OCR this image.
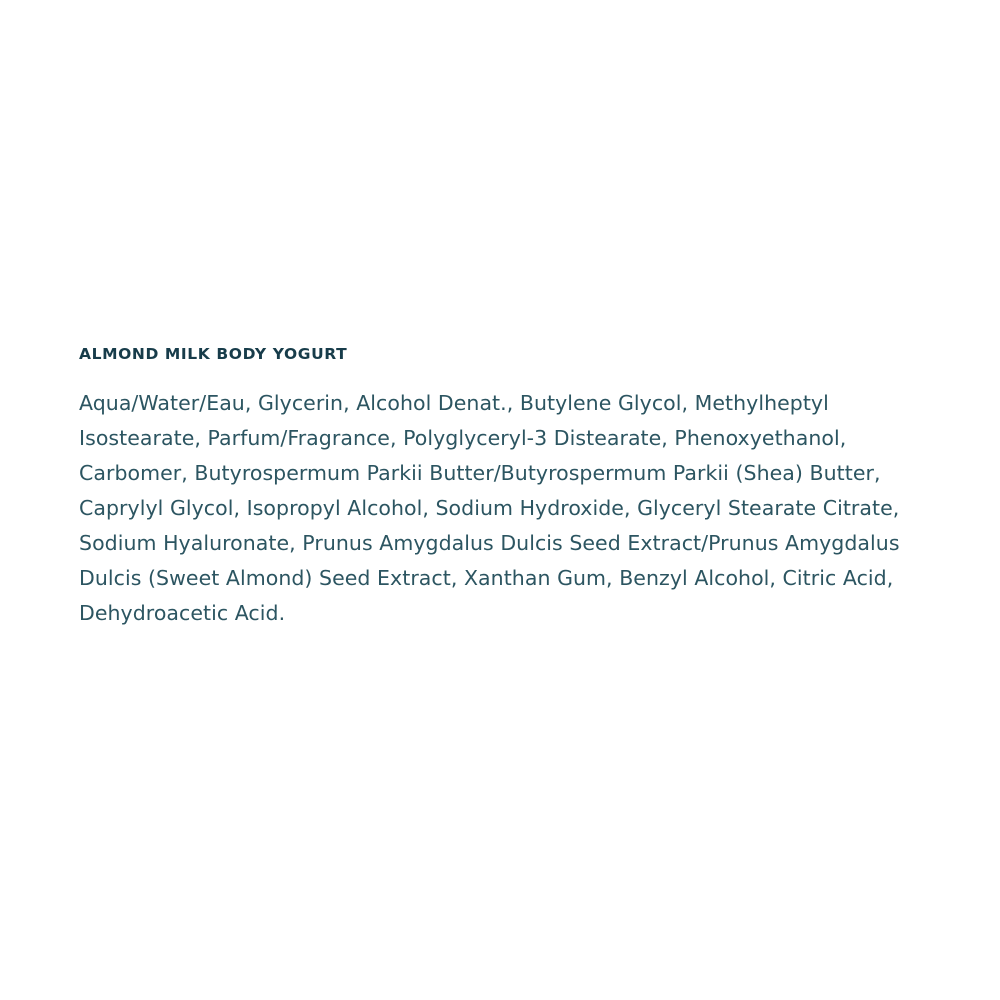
ALMOND MILK BODY YOGURT

Aqua/Water/Eau, Glycerin, Alcohol Denat., Butylene Glycol, Methylheptyl Isostearate, Parfum/Fragrance, Polyglyceryl-3 Distearate, Phenoxyethanol, Carbomer, Butyrospermum Parkii Butter/Butyrospermum Parkii (Shea) Butter, Caprylyl Glycol, Isopropyl Alcohol, Sodium Hydroxide, Glyceryl Stearate Citrate, Sodium Hyaluronate, Prunus Amygdalus Dulcis Seed Extract/Prunus Amygdalus Dulcis (Sweet Almond) Seed Extract, Xanthan Gum, Benzyl Alcohol, Citric Acid, Dehydroacetic Acid.
